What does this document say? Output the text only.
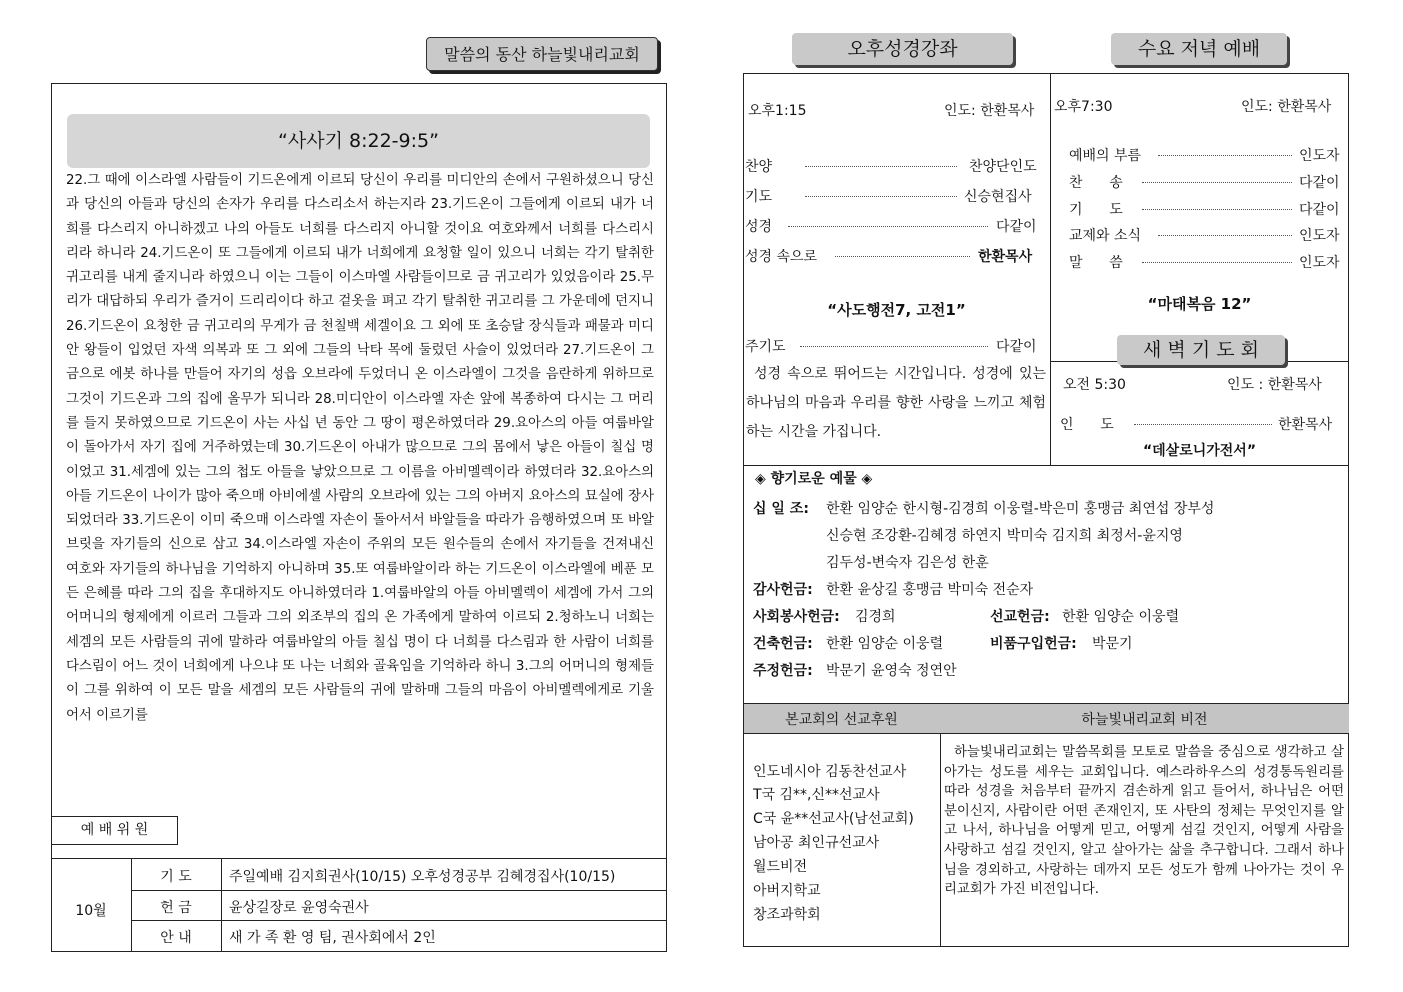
말씀의 동산 하늘빛내리교회
“사사기 8:22-9:5”
22.그 때에 이스라엘 사람들이 기드온에게 이르되 당신이 우리를 미디안의 손에서 구원하셨으니 당신과 당신의 아들과 당신의 손자가 우리를 다스리소서 하는지라 23.기드온이 그들에게 이르되 내가 너희를 다스리지 아니하겠고 나의 아들도 너희를 다스리지 아니할 것이요 여호와께서 너희를 다스리시리라 하니라 24.기드온이 또 그들에게 이르되 내가 너희에게 요청할 일이 있으니 너희는 각기 탈취한 귀고리를 내게 줄지니라 하였으니 이는 그들이 이스마엘 사람들이므로 금 귀고리가 있었음이라 25.무리가 대답하되 우리가 즐거이 드리리이다 하고 겉옷을 펴고 각기 탈취한 귀고리를 그 가운데에 던지니 26.기드온이 요청한 금 귀고리의 무게가 금 천칠백 세겔이요 그 외에 또 초승달 장식들과 패물과 미디안 왕들이 입었던 자색 의복과 또 그 외에 그들의 낙타 목에 둘렀던 사슬이 있었더라 27.기드온이 그 금으로 에봇 하나를 만들어 자기의 성읍 오브라에 두었더니 온 이스라엘이 그것을 음란하게 위하므로 그것이 기드온과 그의 집에 올무가 되니라 28.미디안이 이스라엘 자손 앞에 복종하여 다시는 그 머리를 들지 못하였으므로 기드온이 사는 사십 년 동안 그 땅이 평온하였더라 29.요아스의 아들 여룹바알이 돌아가서 자기 집에 거주하였는데 30.기드온이 아내가 많으므로 그의 몸에서 낳은 아들이 칠십 명이었고 31.세겜에 있는 그의 첩도 아들을 낳았으므로 그 이름을 아비멜렉이라 하였더라 32.요아스의 아들 기드온이 나이가 많아 죽으매 아비에셀 사람의 오브라에 있는 그의 아버지 요아스의 묘실에 장사되었더라 33.기드온이 이미 죽으매 이스라엘 자손이 돌아서서 바알들을 따라가 음행하였으며 또 바알브릿을 자기들의 신으로 삼고 34.이스라엘 자손이 주위의 모든 원수들의 손에서 자기들을 건져내신 여호와 자기들의 하나님을 기억하지 아니하며 35.또 여룹바알이라 하는 기드온이 이스라엘에 베푼 모든 은혜를 따라 그의 집을 후대하지도 아니하였더라 1.여룹바알의 아들 아비멜렉이 세겜에 가서 그의 어머니의 형제에게 이르러 그들과 그의 외조부의 집의 온 가족에게 말하여 이르되 2.청하노니 너희는 세겜의 모든 사람들의 귀에 말하라 여룹바알의 아들 칠십 명이 다 너희를 다스림과 한 사람이 너희를 다스림이 어느 것이 너희에게 나으냐 또 나는 너희와 골육임을 기억하라 하니 3.그의 어머니의 형제들이 그를 위하여 이 모든 말을 세겜의 모든 사람들의 귀에 말하매 그들의 마음이 아비멜렉에게로 기울어서 이르기를
예 배 위 원
10월
기 도	주일예배 김지희권사(10/15) 오후성경공부 김혜경집사(10/15)
헌 금	윤상길장로 윤영숙권사
안 내	새 가 족 환 영 팀, 권사회에서 2인
오후성경강좌	수요 저녁 예배
오후1:15	인도: 한환목사
찬양	찬양단인도
기도	신승현집사
성경	다같이
성경 속으로	한환목사
“사도행전7, 고전1”
주기도	다같이
성경 속으로 뛰어드는 시간입니다. 성경에 있는 하나님의 마음과 우리를 향한 사랑을 느끼고 체험하는 시간을 가집니다.
오후7:30	인도: 한환목사
예배의 부름	인도자
찬      송	다같이
기      도	다같이
교제와 소식	인도자
말      씀	인도자
“마태복음 12”
새 벽 기 도 회
오전 5:30	인도 : 한환목사
인      도	한환목사
“데살로니가전서”
◈ 향기로운 예물 ◈
십 일 조: 한환 임양순 한시형-김경희 이웅렬-박은미 홍맹금 최연섭 장부성
신승현 조강환-김혜경 하연지 박미숙 김지희 최정서-윤지영
김두성-변숙자 김은성 한훈
감사헌금: 한환 윤상길 홍맹금 박미숙 전순자
사회봉사헌금: 김경희	선교헌금: 한환 임양순 이웅렬
건축헌금: 한환 임양순 이웅렬	비품구입헌금: 박문기
주정헌금: 박문기 윤영숙 정연안
본교회의 선교후원	하늘빛내리교회 비전
인도네시아 김동찬선교사
T국 김**,신**선교사
C국 윤**선교사(남선교회)
남아공 최인규선교사
월드비전
아버지학교
창조과학회
하늘빛내리교회는 말씀목회를 모토로 말씀을 중심으로 생각하고 살아가는 성도를 세우는 교회입니다. 예스라하우스의 성경통독원리를 따라 성경을 처음부터 끝까지 겸손하게 읽고 들어서, 하나님은 어떤 분이신지, 사람이란 어떤 존재인지, 또 사탄의 정체는 무엇인지를 알고 나서, 하나님을 어떻게 믿고, 어떻게 섬길 것인지, 어떻게 사람을 사랑하고 섬길 것인지, 알고 살아가는 삶을 추구합니다. 그래서 하나님을 경외하고, 사랑하는 데까지 모든 성도가 함께 나아가는 것이 우리교회가 가진 비전입니다.
